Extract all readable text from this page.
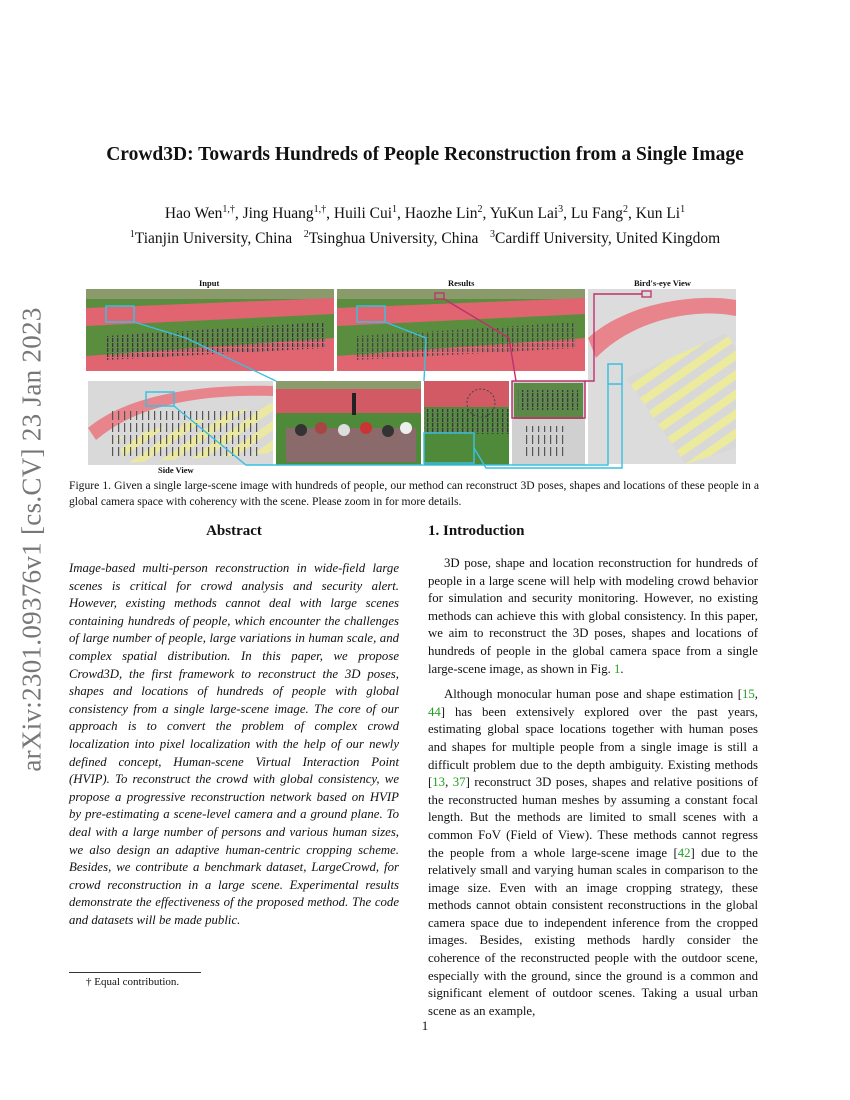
arXiv:2301.09376v1 [cs.CV] 23 Jan 2023
Crowd3D: Towards Hundreds of People Reconstruction from a Single Image
Hao Wen$^{1,\dagger}$, Jing Huang$^{1,\dagger}$, Huili Cui$^1$, Haozhe Lin$^2$, YuKun Lai$^3$, Lu Fang$^2$, Kun Li$^1$
$^1$Tianjin University, China $^2$Tsinghua University, China $^3$Cardiff University, United Kingdom
Input	Results	Bird's-eye View
Side View
Figure 1. Given a single large-scene image with hundreds of people, our method can reconstruct 3D poses, shapes and locations of these people in a global camera space with coherency with the scene. Please zoom in for more details.
Abstract
Image-based multi-person reconstruction in wide-field large scenes is critical for crowd analysis and security alert. However, existing methods cannot deal with large scenes containing hundreds of people, which encounter the challenges of large number of people, large variations in human scale, and complex spatial distribution. In this paper, we propose Crowd3D, the first framework to reconstruct the 3D poses, shapes and locations of hundreds of people with global consistency from a single large-scene image. The core of our approach is to convert the problem of complex crowd localization into pixel localization with the help of our newly defined concept, Human-scene Virtual Interaction Point (HVIP). To reconstruct the crowd with global consistency, we propose a progressive reconstruction network based on HVIP by pre-estimating a scene-level camera and a ground plane. To deal with a large number of persons and various human sizes, we also design an adaptive human-centric cropping scheme. Besides, we contribute a benchmark dataset, LargeCrowd, for crowd reconstruction in a large scene. Experimental results demonstrate the effectiveness of the proposed method. The code and datasets will be made public.
1. Introduction

3D pose, shape and location reconstruction for hundreds of people in a large scene will help with modeling crowd behavior for simulation and security monitoring. However, no existing methods can achieve this with global consistency. In this paper, we aim to reconstruct the 3D poses, shapes and locations of hundreds of people in the global camera space from a single large-scene image, as shown in Fig. 1.

Although monocular human pose and shape estimation [15, 44] has been extensively explored over the past years, estimating global space locations together with human poses and shapes for multiple people from a single image is still a difficult problem due to the depth ambiguity. Existing methods [13, 37] reconstruct 3D poses, shapes and relative positions of the reconstructed human meshes by assuming a constant focal length. But the methods are limited to small scenes with a common FoV (Field of View). These methods cannot regress the people from a whole large-scene image [42] due to the relatively small and varying human scales in comparison to the image size. Even with an image cropping strategy, these methods cannot obtain consistent reconstructions in the global camera space due to independent inference from the cropped images. Besides, existing methods hardly consider the coherence of the reconstructed people with the outdoor scene, especially with the ground, since the ground is a common and significant element of outdoor scenes. Taking a usual urban scene as an example,

† Equal contribution.
1
